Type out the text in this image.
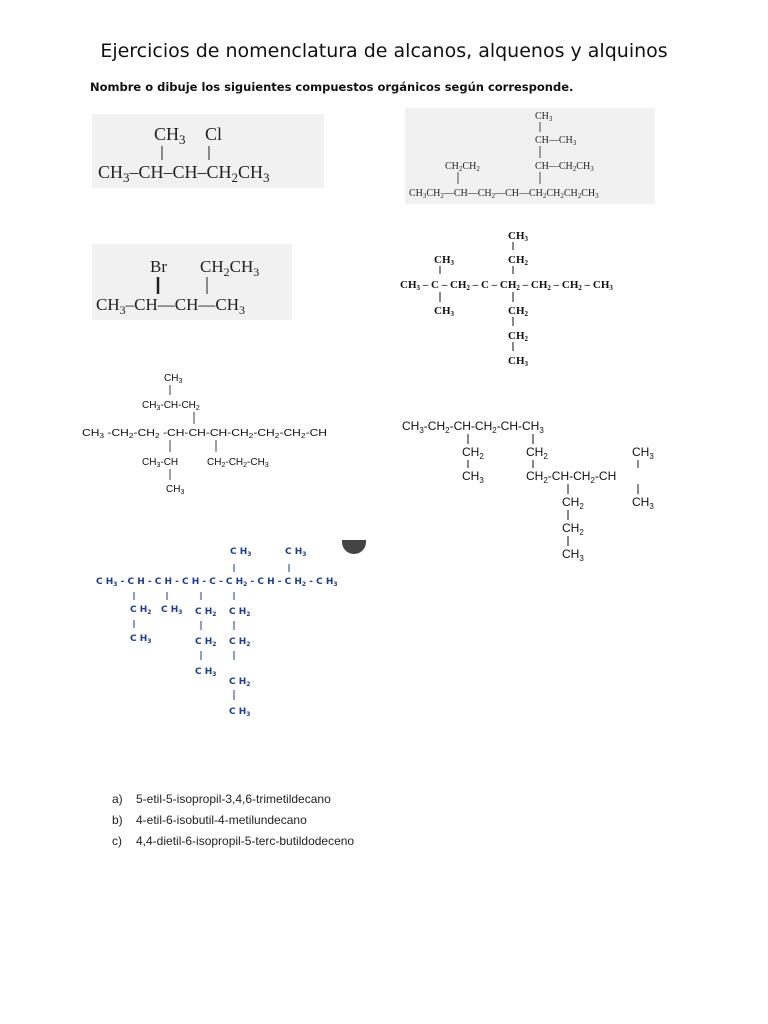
Ejercicios de nomenclatura de alcanos, alquenos y alquinos
Nombre o dibuje los siguientes compuestos orgánicos según corresponde.
$CH_3$ Cl
$CH_3-CH-CH-CH_2CH_3$
$CH_3$
$CH—CH_3$
$CH—CH_2CH_3$
$CH_2CH_2$
$CH_3CH_2—CH—CH_2—CH—CH_2CH_2CH_2CH_3$
Br $CH_2CH_3$
$CH_3-CH—CH—CH_3$
CH3
CH2
CH3
CH3 – C – CH2 – C – CH2 – CH2 – CH2 – CH3
CH3	CH2
CH2
CH3
$CH_3$
$CH_3-CH-CH_2$
CH $_3$ -CH $_2$-CH $_2$ -CH-CH-CH-CH $_2$-CH $_2$-CH $_2$-CH
$CH_3-CH$	$CH_2-CH_2-CH_3$
$CH_3$
$CH_3-CH_2-CH-CH_2-CH-CH_3$
$CH_2$	$CH_2$	$CH_3$
$CH_3$	$CH_2-CH-CH_2-CH$
$CH_3$
$CH_2$
$CH_2$
$CH_3$
C $H_3$	C $H_3$
C $H_3$ - C H - C H - C H - C - C $H_2$ - C H - C $H_2$ - C $H_3$
C $H_2$ C $H_3$ C $H_2$ C $H_2$
C $H_3$	C $H_2$ C $H_2$
C $H_3$
C $H_2$
C $H_3$
a)	5-etil-5-isopropil-3,4,6-trimetildecano
b)	4-etil-6-isobutil-4-metilundecano
c)	4,4-dietil-6-isopropil-5-terc-butildodeceno
